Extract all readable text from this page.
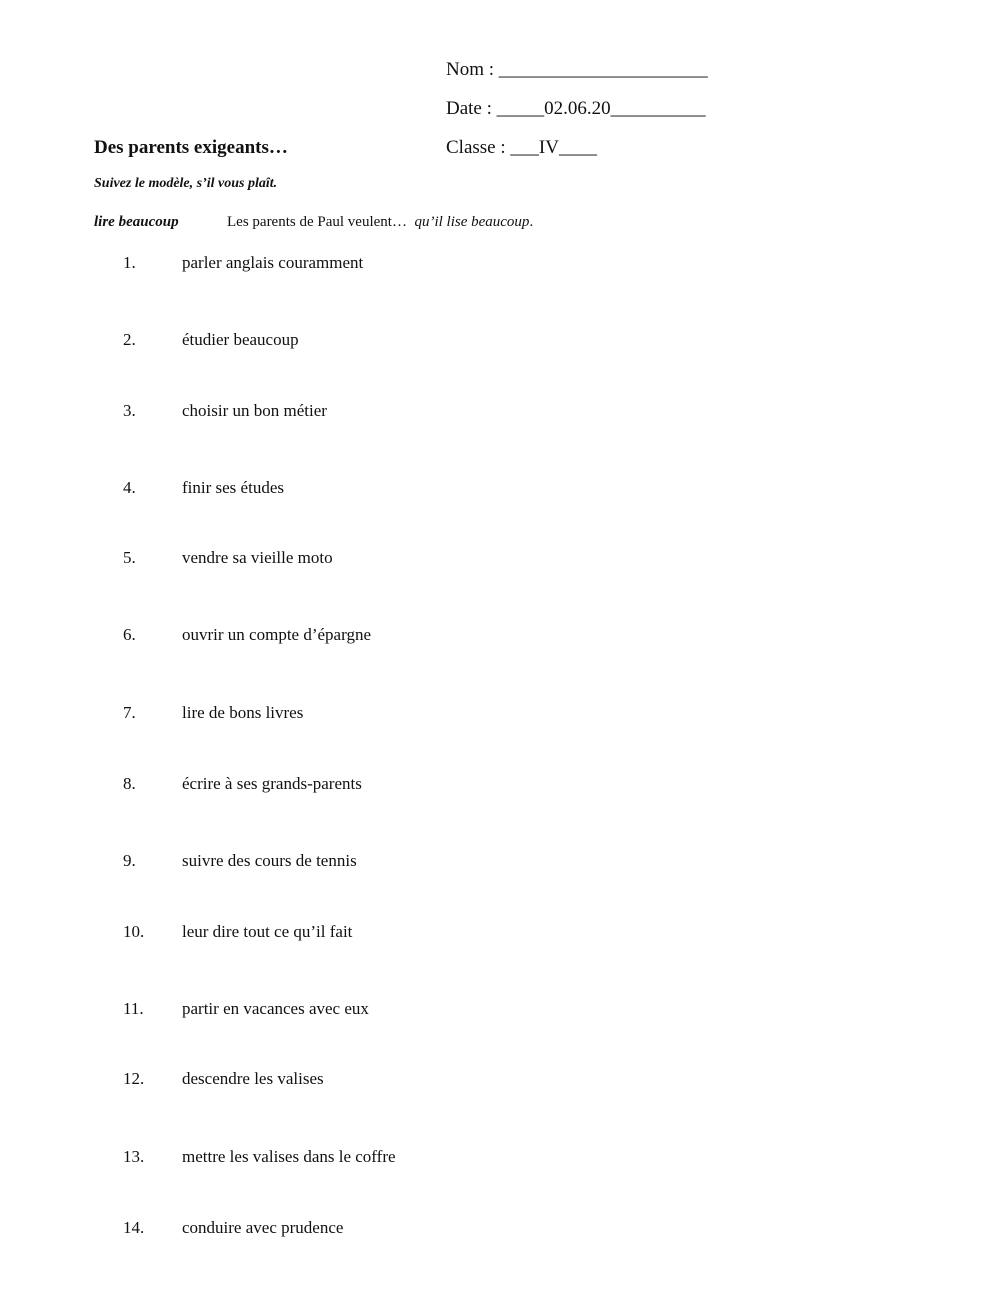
Nom : ______________________
Date : _____02.06.20__________
Classe : ___IV____
Des parents exigeants…
Suivez le modèle, s’il vous plaît.
lire beaucoup	Les parents de Paul veulent… qu’il lise beaucoup.
1.	parler anglais couramment
2.	étudier beaucoup
3.	choisir un bon métier
4.	finir ses études
5.	vendre sa vieille moto
6.	ouvrir un compte d’épargne
7.	lire de bons livres
8.	écrire à ses grands-parents
9.	suivre des cours de tennis
10. leur dire tout ce qu’il fait
11. partir en vacances avec eux
12. descendre les valises
13. mettre les valises dans le coffre
14. conduire avec prudence
